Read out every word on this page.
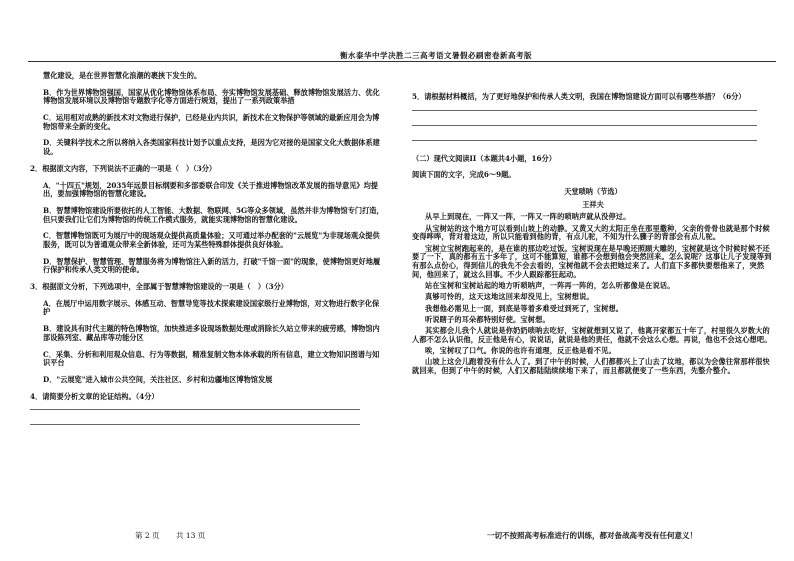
衡水泰华中学决胜二三高考语文暑假必刷密卷新高考版

慧化建设，是在世界智慧化浪潮的裹挟下发生的。

B．作为世界博物馆强国，国家从优化博物馆体系布局、夯实博物馆发展基础、释放博物馆发展活力、优化博物馆发展环境以及博物馆专题数字化等方面进行规划，提出了一系列政策举措

C．运用相对成熟的新技术对文物进行保护，已经是业内共识，新技术在文物保护等领域的最新应用会为博物馆带来全新的变化。

D．关键科学技术之所以将纳入各类国家科技计划予以重点支持，是因为它对接的是国家文化大数据体系建设。

2．根据原文内容，下列说法不正确的一项是（　）（3分）

A．"十四五"规划，2035年远景目标纲要和多部委联合印发《关于推进博物馆改革发展的指导意见》均提出，要加强博物馆的智慧化建设。

B．智慧博物馆建设所要依托的人工智能、大数据、物联网、5G等众多领域，虽然并非为博物馆专门打造，但只要我们让它们为博物馆的传统工作模式服务，就能实现博物馆的智慧化建设。

C．智慧博物馆既可为展厅中的现场观众提供高质量体验；又可通过举办配套的"云展览"为非现场观众提供服务，既可以为普通观众带来全新体验，还可为某些特殊群体提供良好体验。

D．智慧保护、智慧管理、智慧服务将为博物馆注入新的活力，打破"千馆一面"的现象，使博物馆更好地履行保护和传承人类文明的使命。

3．根据原文分析，下列选项中，全部属于智慧博物馆建设的一项是（　）（3分）

A．在展厅中运用数字展示、体感互动、智慧导览等技术探索建设国家级行业博物馆，对文物进行数字化保护

B．建设具有时代主题的特色博物馆，加快推进多设现场数据处理或消除长久站立带来的疲劳感，博物馆内部设陈列室、藏品库等功能分区

C．采集、分析和利用观众信息、行为等数据，精准复制文物本体承载的所有信息，建立文物知识图谱与知识平台

D．"云展览"进入城市公共空间，关注社区、乡村和边疆地区博物馆发展

4．请简要分析文章的论证结构。（4分）

5．请根据材料概括，为了更好地保护和传承人类文明，我国在博物馆建设方面可以有哪些举措？（6分）

（二）现代文阅读II（本题共4小题，16分）

阅读下面的文字，完成6～9题。

天堂唢呐（节选）
王祥夫

从早上到现在，一阵又一阵，一阵又一阵的唢呐声就从没停过。

从宝树站的这个地方可以看到山坡上的动静。又黄又大的太阳正坐在那里撒种，父亲的骨骨也就是那个时候变得哗哗，背对着这边，所以只能看到他的背，有点儿驼，不知为什么骤子的背部会有点儿驼。

宝树立宝树跑起来的，是在谁的那边吃过饭。宝树说现在是早晚还照顾大雕的，宝树就是这个时候时候不还要了一下，真的都有五十多年了，这可不能算短，谁都不会想到他会突然回来。怎么说呢？这事让儿子发现等到有那么点份心，得到信儿的我先不会去看的，宝树他就不会去把她过来了。人们直下多都快要想他来了，突然间，他回来了，就这么回事。不少人跟踪都狂起动。

站在宝树和宝树站起的地方听唢呐声，一阵再一阵的，怎么听都像是在说话。

真够可怜的，这天这地这回来却没见上，宝树想说。

我想他必需见上一面，到底是等着多难受过到死了，宝树想。

听说瞎子的耳朵都特别好使。宝树想。

其实都会儿我个人就说是你奶奶唢呐去吃好，宝树就想到又说了，他离开家都五十年了，村里很久岁数大的人都不怎么认识他，反正他是有心，说说话，就说是他的责任，他就不会这么心想。再说，他也不会这心想吧。

唉，宝树叹了口气。你说的也许有道理，反正他是看不见。

山坡上这会儿跑着没有什么人了。到了中午的时候，人们都都兴上了山去了坟地，都以为会像往常那样很快就回来，但到了中午的时候，人们又都陆陆续续地下来了，而且都就便变了一些东西，先整介整介。

第 2 页 共 13 页	一切不按照高考标准进行的训练，都对备战高考没有任何意义！
